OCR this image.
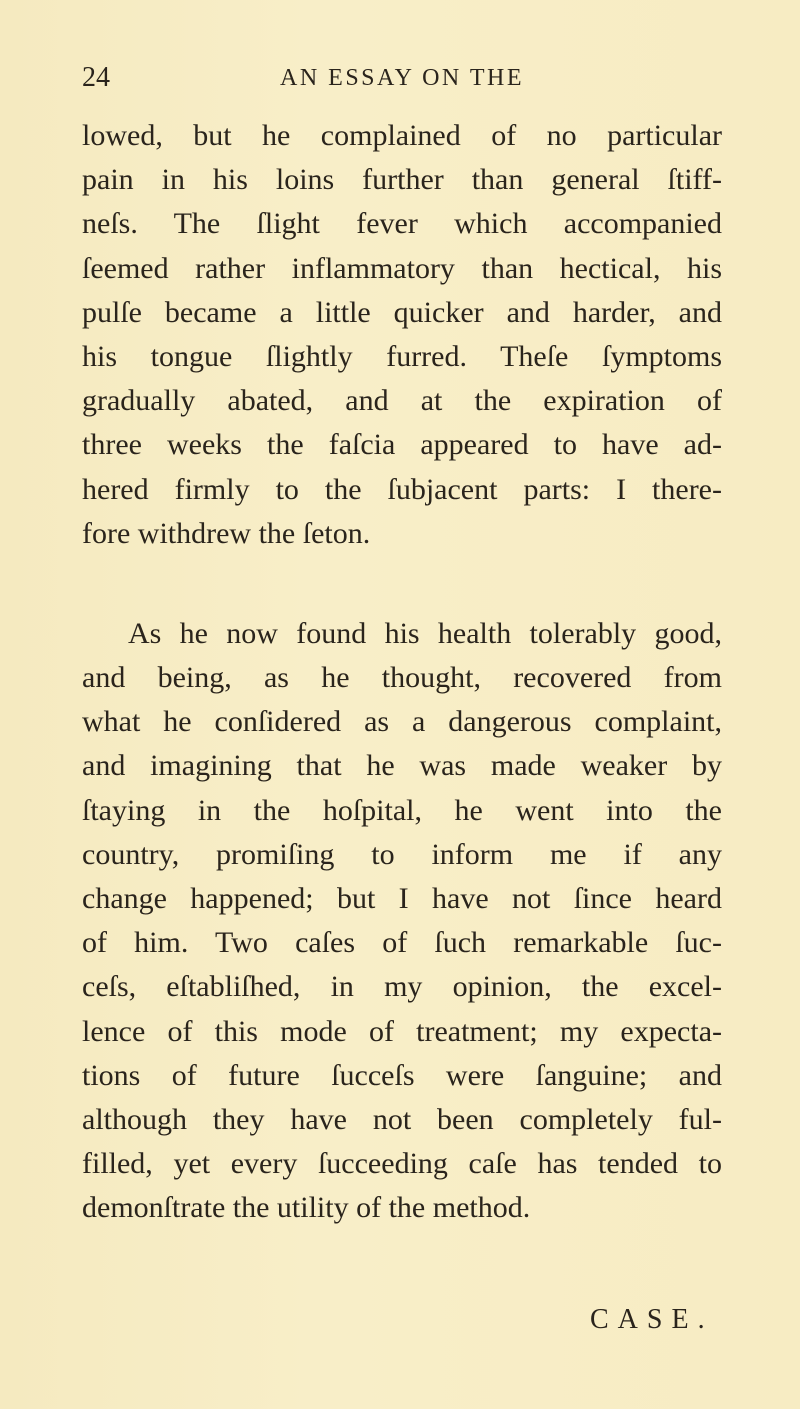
24	AN ESSAY ON THE
lowed, but he complained of no particular
pain in his loins further than general ſtiff-
neſs. The ſlight fever which accompanied
ſeemed rather inflammatory than hectical, his
pulſe became a little quicker and harder, and
his tongue ſlightly furred. Theſe ſymptoms
gradually abated, and at the expiration of
three weeks the faſcia appeared to have ad-
hered firmly to the ſubjacent parts: I there-
fore withdrew the ſeton.
As he now found his health tolerably good,
and being, as he thought, recovered from
what he conſidered as a dangerous complaint,
and imagining that he was made weaker by
ſtaying in the hoſpital, he went into the
country, promiſing to inform me if any
change happened; but I have not ſince heard
of him. Two caſes of ſuch remarkable ſuc-
ceſs, eſtabliſhed, in my opinion, the excel-
lence of this mode of treatment; my expecta-
tions of future ſucceſs were ſanguine; and
although they have not been completely ful-
filled, yet every ſucceeding caſe has tended to
demonſtrate the utility of the method.
CASE.
